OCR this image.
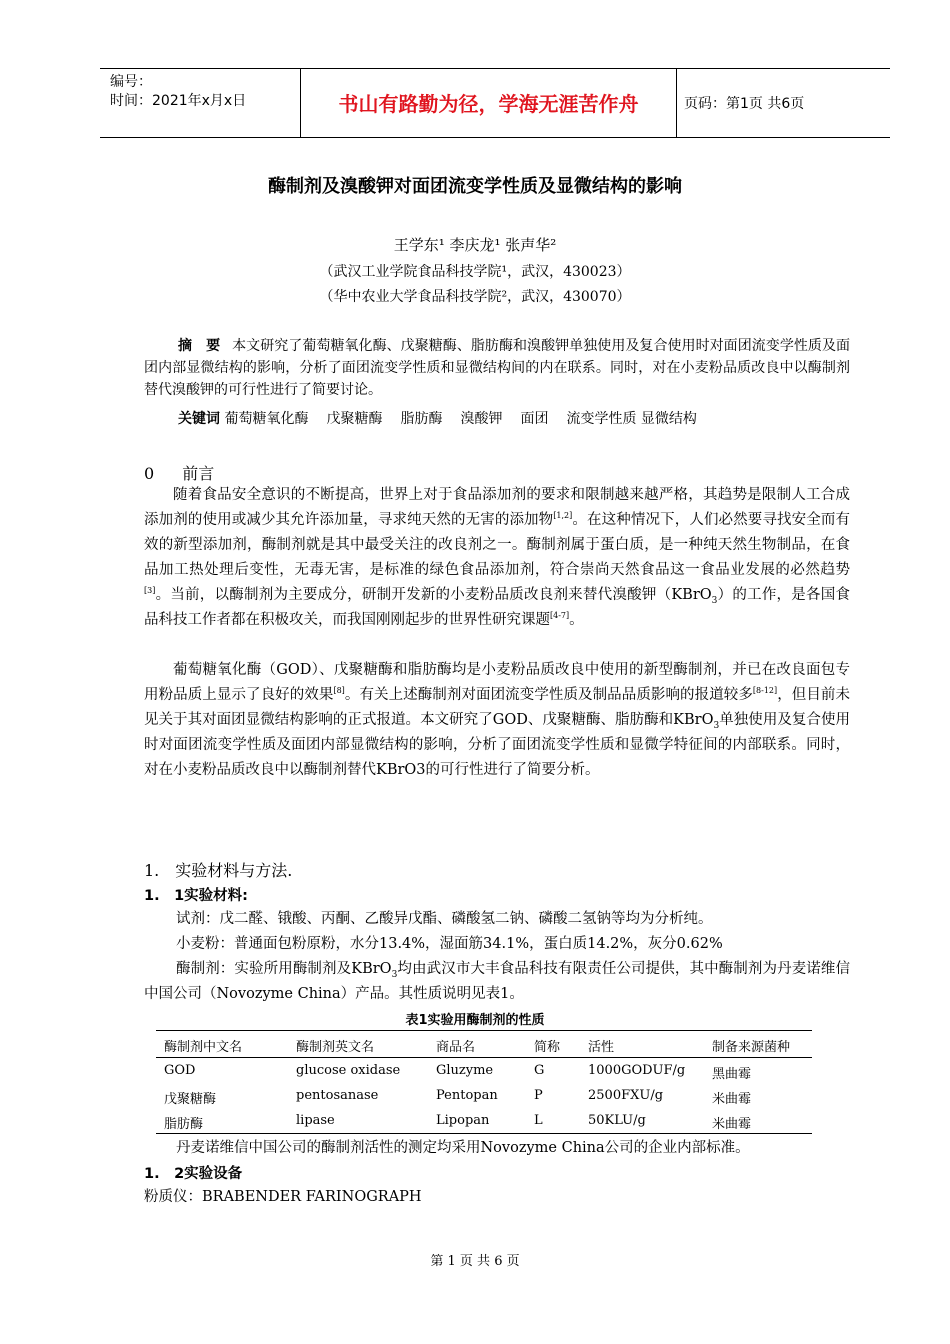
编号：
时间：2021年x月x日	书山有路勤为径，学海无涯苦作舟	页码：第1页 共6页
酶制剂及溴酸钾对面团流变学性质及显微结构的影响
王学东¹ 李庆龙¹ 张声华²
（武汉工业学院食品科技学院¹，武汉，430023）
（华中农业大学食品科技学院²，武汉，430070）
摘　要 本文研究了葡萄糖氧化酶、戊聚糖酶、脂肪酶和溴酸钾单独使用及复合使用时对面团流变学性质及面团内部显微结构的影响，分析了面团流变学性质和显微结构间的内在联系。同时，对在小麦粉品质改良中以酶制剂替代溴酸钾的可行性进行了简要讨论。
关键词 葡萄糖氧化酶 戊聚糖酶 脂肪酶 溴酸钾 面团 流变学性质 显微结构
0 前言
随着食品安全意识的不断提高，世界上对于食品添加剂的要求和限制越来越严格，其趋势是限制人工合成添加剂的使用或减少其允许添加量，寻求纯天然的无害的添加物[1,2]。在这种情况下，人们必然要寻找安全而有效的新型添加剂，酶制剂就是其中最受关注的改良剂之一。酶制剂属于蛋白质，是一种纯天然生物制品，在食品加工热处理后变性，无毒无害，是标准的绿色食品添加剂，符合崇尚天然食品这一食品业发展的必然趋势[3]。当前，以酶制剂为主要成分，研制开发新的小麦粉品质改良剂来替代溴酸钾（KBrO$_3$）的工作，是各国食品科技工作者都在积极攻关，而我国刚刚起步的世界性研究课题[4-7]。
葡萄糖氧化酶（GOD）、戊聚糖酶和脂肪酶均是小麦粉品质改良中使用的新型酶制剂，并已在改良面包专用粉品质上显示了良好的效果[8]。有关上述酶制剂对面团流变学性质及制品品质影响的报道较多[8-12]，但目前未见关于其对面团显微结构影响的正式报道。本文研究了GOD、戊聚糖酶、脂肪酶和KBrO$_3$单独使用及复合使用时对面团流变学性质及面团内部显微结构的影响，分析了面团流变学性质和显微学特征间的内部联系。同时，对在小麦粉品质改良中以酶制剂替代KBrO3的可行性进行了简要分析。
1.　实验材料与方法.
1.　1实验材料:
试剂：戊二醛、锇酸、丙酮、乙酸异戊酯、磷酸氢二钠、磷酸二氢钠等均为分析纯。
小麦粉：普通面包粉原粉，水分13.4%，湿面筋34.1%，蛋白质14.2%，灰分0.62%
酶制剂：实验所用酶制剂及KBrO$_3$均由武汉市大丰食品科技有限责任公司提供，其中酶制剂为丹麦诺维信中国公司（Novozyme China）产品。其性质说明见表1。
表1实验用酶制剂的性质
酶制剂中文名	酶制剂英文名	商品名	简称 活性	制备来源菌种
GOD	glucose oxidase	Gluzyme	G	1000GODUF/g 黑曲霉
戊聚糖酶	pentosanase	Pentopan	P	2500FXU/g	米曲霉
脂肪酶	lipase	Lipopan	L	50KLU/g	米曲霉
丹麦诺维信中国公司的酶制剂活性的测定均采用Novozyme China公司的企业内部标准。
1.　2实验设备
粉质仪：BRABENDER FARINOGRAPH
第 1 页 共 6 页
